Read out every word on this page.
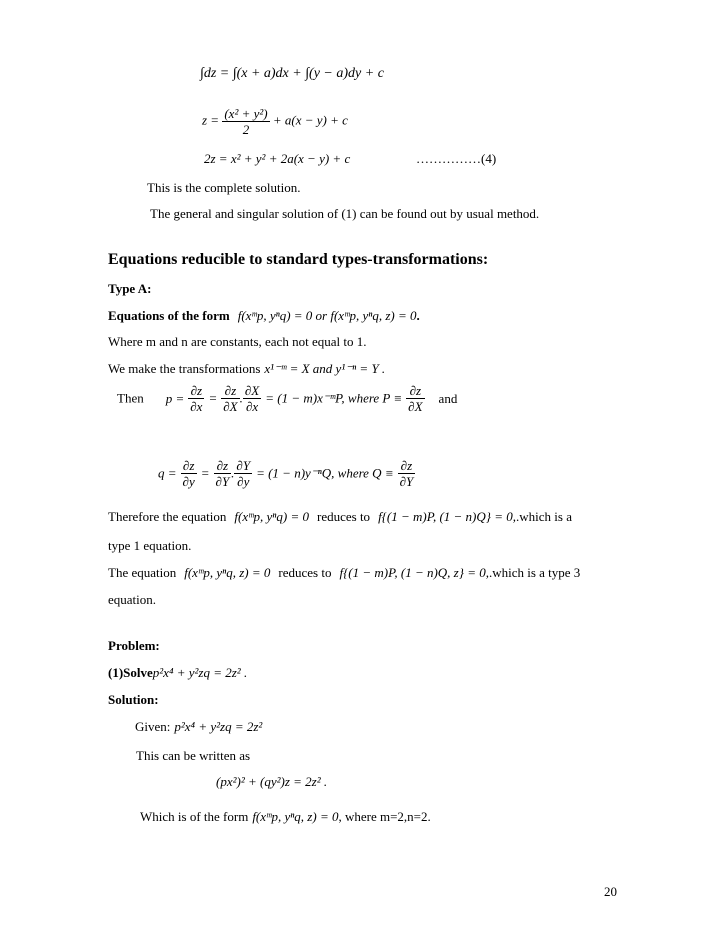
∫dz = ∫(x + a)dx + ∫(y − a)dy + c
$z = \frac{\text{(x² + y²)}}{2} + a(x - y) + c$
2z = x² + y² + 2a(x − y) + c	……………(4)
This is the complete solution.
The general and singular solution of (1) can be found out by usual method.
Equations reducible to standard types-transformations:
Type A:
Equations of the form f(xᵐp, yⁿq) = 0 or f(xᵐp, yⁿq, z) = 0.
Where m and n are constants, each not equal to 1.
We make the transformations x¹⁻ᵐ = X and y¹⁻ⁿ = Y .
Then $p = \frac{\partial z}{\partial x} = \frac{\partial z}{\partial X}$ . $\frac{\partial X}{\partial x} = (1$ − m)x⁻ᵐP, where $P \equiv \frac{\partial z}{\partial X}$ and
$q = \frac{\partial z}{\partial y} = \frac{\partial z}{\partial Y}$ . $\frac{\partial Y}{\partial y} = (1 - n)y^{-n}Q$, where $Q \equiv \frac{\partial z}{\partial Y}$
Therefore the equation f(xᵐp, yⁿq) = 0 reduces to f{(1 − m)P, (1 − n)Q} = 0,.which is a
type 1 equation.
The equation f(xᵐp, yⁿq, z) = 0 reduces to f{(1 − m)P, (1 − n)Q, z} = 0,.which is a type 3
equation.
Problem:
(1)Solvep²x⁴ + y²zq = 2z² .
Solution:
Given: p²x⁴ + y²zq = 2z²
This can be written as
(px²)² + (qy²)z = 2z² .
Which is of the form f(xᵐp, yⁿq, z) = 0, where m=2,n=2.
20
